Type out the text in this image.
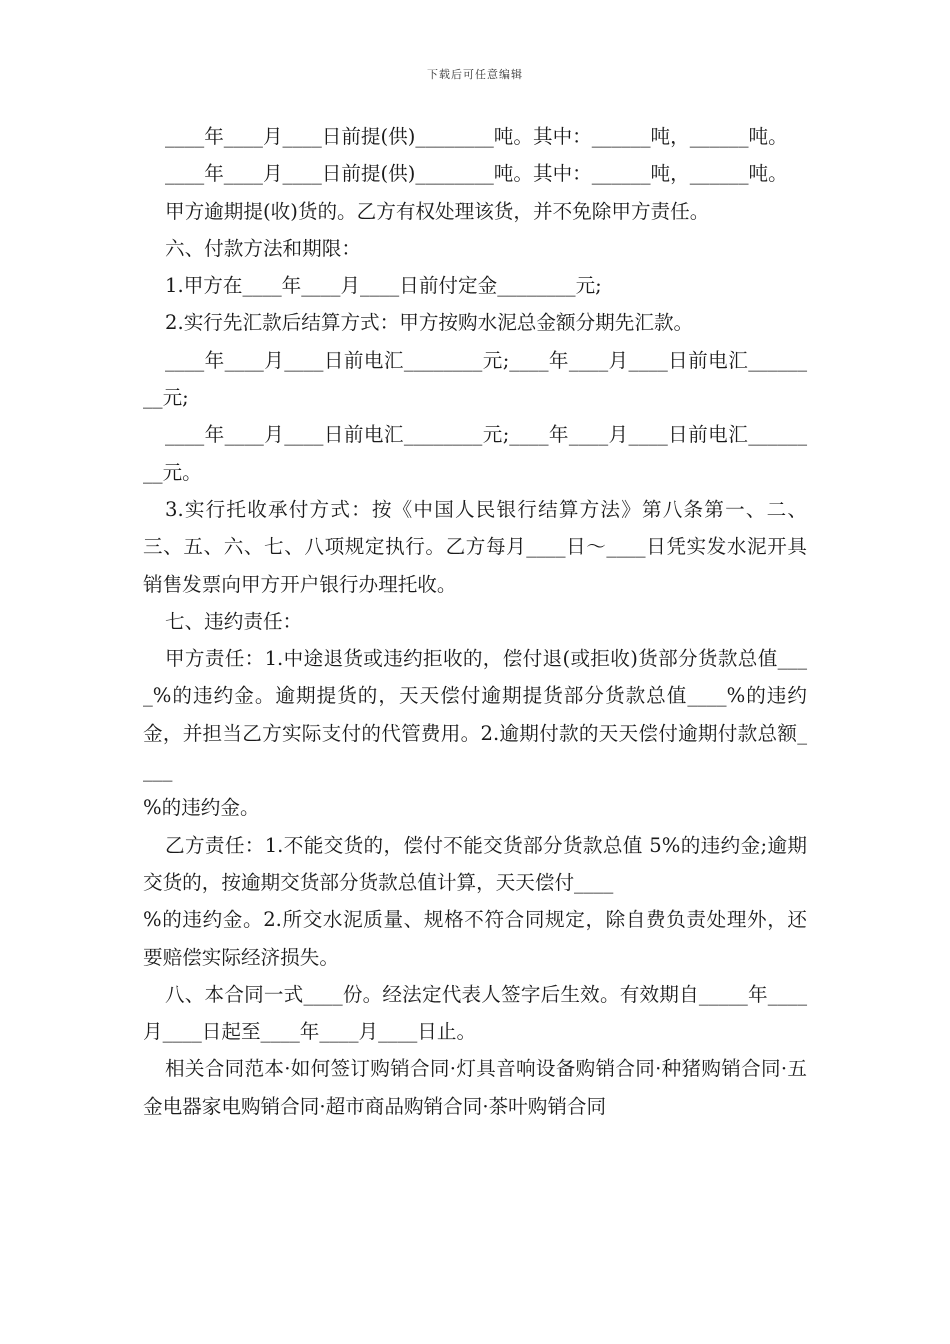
下载后可任意编辑

____年____月____日前提(供)________吨。其中：______吨，______吨。

____年____月____日前提(供)________吨。其中：______吨，______吨。

甲方逾期提(收)货的。乙方有权处理该货，并不免除甲方责任。

六、付款方法和期限：

1.甲方在____年____月____日前付定金________元;

2.实行先汇款后结算方式：甲方按购水泥总金额分期先汇款。

____年____月____日前电汇________元;____年____月____日前电汇________元;

____年____月____日前电汇________元;____年____月____日前电汇________元。

3.实行托收承付方式：按《中国人民银行结算方法》第八条第一、二、三、五、六、七、八项规定执行。乙方每月____日～____日凭实发水泥开具销售发票向甲方开户银行办理托收。

七、违约责任：

甲方责任：1.中途退货或违约拒收的，偿付退(或拒收)货部分货款总值____%的违约金。逾期提货的，天天偿付逾期提货部分货款总值____%的违约金，并担当乙方实际支付的代管费用。2.逾期付款的天天偿付逾期付款总额____

%的违约金。

乙方责任：1.不能交货的，偿付不能交货部分货款总值 5%的违约金;逾期交货的，按逾期交货部分货款总值计算，天天偿付____

%的违约金。2.所交水泥质量、规格不符合同规定，除自费负责处理外，还要赔偿实际经济损失。

八、本合同一式____份。经法定代表人签字后生效。有效期自_____年____月____日起至____年____月____日止。

相关合同范本·如何签订购销合同·灯具音响设备购销合同·种猪购销合同·五金电器家电购销合同·超市商品购销合同·茶叶购销合同
